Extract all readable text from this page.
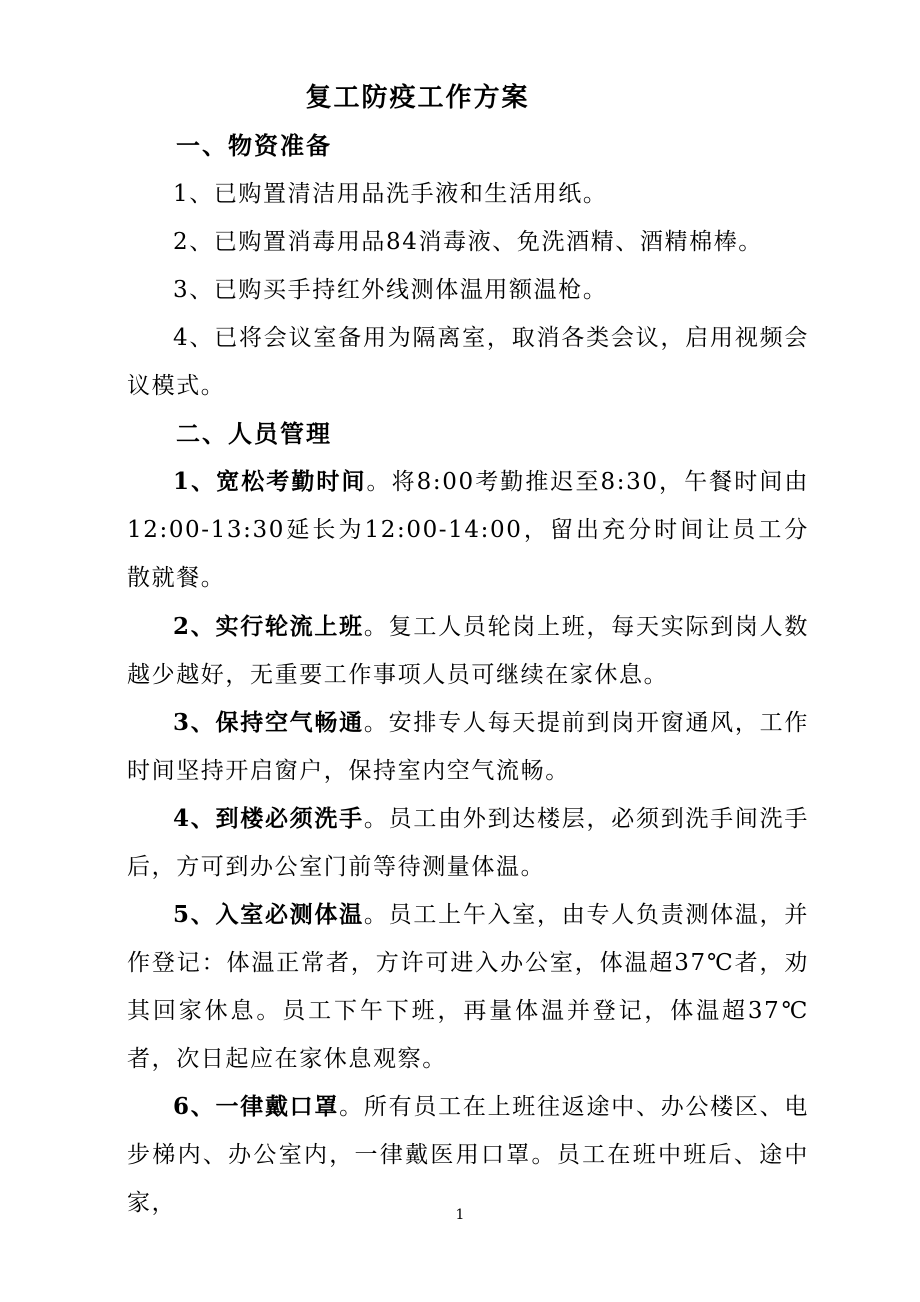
复工防疫工作方案
一、物资准备
1、已购置清洁用品洗手液和生活用纸。
2、已购置消毒用品84消毒液、免洗酒精、酒精棉棒。
3、已购买手持红外线测体温用额温枪。
4、已将会议室备用为隔离室，取消各类会议，启用视频会议模式。
二、人员管理
1、宽松考勤时间。将8:00考勤推迟至8:30，午餐时间由12:00-13:30延长为12:00-14:00，留出充分时间让员工分散就餐。
2、实行轮流上班。复工人员轮岗上班，每天实际到岗人数越少越好，无重要工作事项人员可继续在家休息。
3、保持空气畅通。安排专人每天提前到岗开窗通风，工作时间坚持开启窗户，保持室内空气流畅。
4、到楼必须洗手。员工由外到达楼层，必须到洗手间洗手后，方可到办公室门前等待测量体温。
5、入室必测体温。员工上午入室，由专人负责测体温，并作登记：体温正常者，方许可进入办公室，体温超37℃者，劝其回家休息。员工下午下班，再量体温并登记，体温超37℃者，次日起应在家休息观察。
6、一律戴口罩。所有员工在上班往返途中、办公楼区、电步梯内、办公室内，一律戴医用口罩。员工在班中班后、途中家，	1
